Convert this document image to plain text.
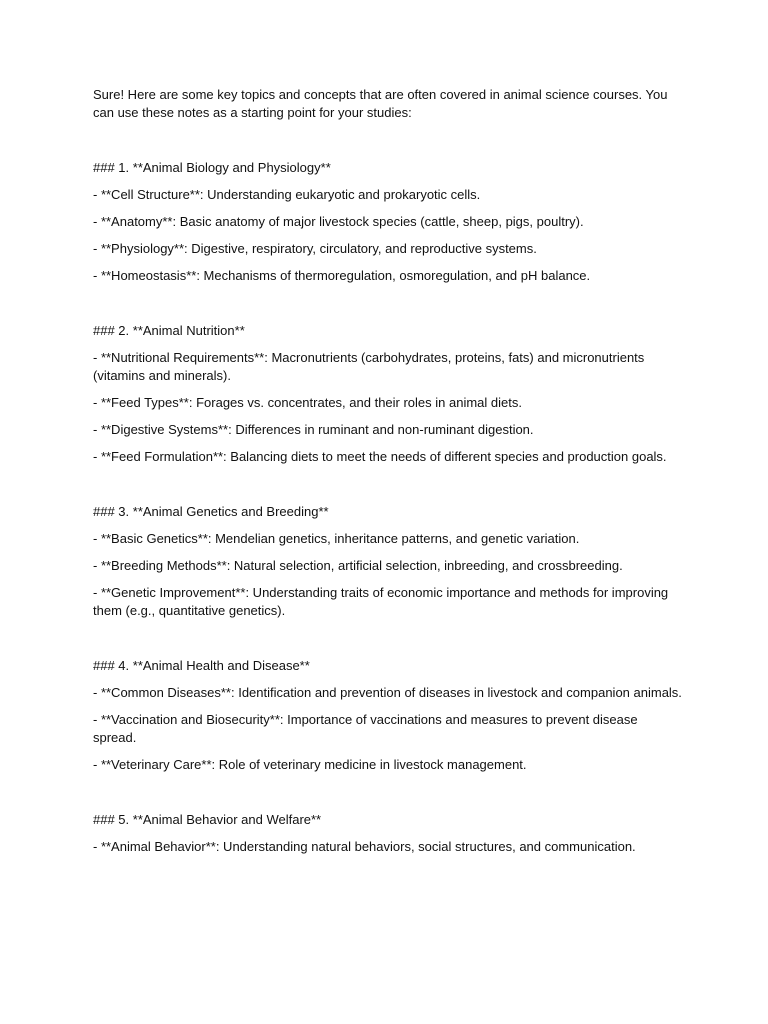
Sure! Here are some key topics and concepts that are often covered in animal science courses. You can use these notes as a starting point for your studies:

### 1. **Animal Biology and Physiology**

- **Cell Structure**: Understanding eukaryotic and prokaryotic cells.

- **Anatomy**: Basic anatomy of major livestock species (cattle, sheep, pigs, poultry).

- **Physiology**: Digestive, respiratory, circulatory, and reproductive systems.

- **Homeostasis**: Mechanisms of thermoregulation, osmoregulation, and pH balance.

### 2. **Animal Nutrition**

- **Nutritional Requirements**: Macronutrients (carbohydrates, proteins, fats) and micronutrients (vitamins and minerals).

- **Feed Types**: Forages vs. concentrates, and their roles in animal diets.

- **Digestive Systems**: Differences in ruminant and non-ruminant digestion.

- **Feed Formulation**: Balancing diets to meet the needs of different species and production goals.

### 3. **Animal Genetics and Breeding**

- **Basic Genetics**: Mendelian genetics, inheritance patterns, and genetic variation.

- **Breeding Methods**: Natural selection, artificial selection, inbreeding, and crossbreeding.

- **Genetic Improvement**: Understanding traits of economic importance and methods for improving them (e.g., quantitative genetics).

### 4. **Animal Health and Disease**

- **Common Diseases**: Identification and prevention of diseases in livestock and companion animals.

- **Vaccination and Biosecurity**: Importance of vaccinations and measures to prevent disease spread.

- **Veterinary Care**: Role of veterinary medicine in livestock management.

### 5. **Animal Behavior and Welfare**

- **Animal Behavior**: Understanding natural behaviors, social structures, and communication.
